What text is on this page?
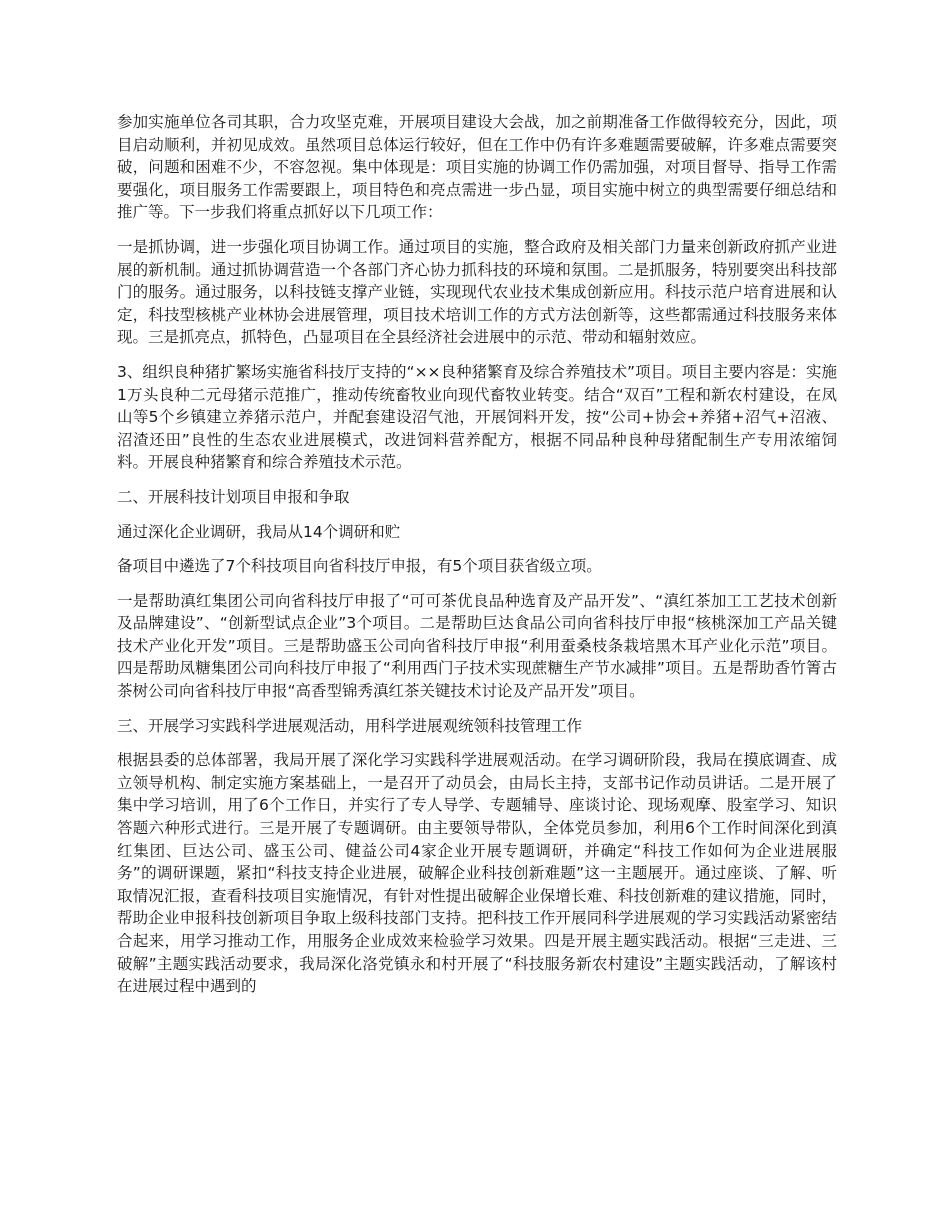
参加实施单位各司其职，合力攻坚克难，开展项目建设大会战，加之前期准备工作做得较充分，因此，项目启动顺利，并初见成效。虽然项目总体运行较好，但在工作中仍有许多难题需要破解，许多难点需要突破，问题和困难不少，不容忽视。集中体现是：项目实施的协调工作仍需加强，对项目督导、指导工作需要强化，项目服务工作需要跟上，项目特色和亮点需进一步凸显，项目实施中树立的典型需要仔细总结和推广等。下一步我们将重点抓好以下几项工作：

一是抓协调，进一步强化项目协调工作。通过项目的实施，整合政府及相关部门力量来创新政府抓产业进展的新机制。通过抓协调营造一个各部门齐心协力抓科技的环境和氛围。二是抓服务，特别要突出科技部门的服务。通过服务，以科技链支撑产业链，实现现代农业技术集成创新应用。科技示范户培育进展和认定，科技型核桃产业林协会进展管理，项目技术培训工作的方式方法创新等，这些都需通过科技服务来体现。三是抓亮点，抓特色，凸显项目在全县经济社会进展中的示范、带动和辐射效应。

3、组织良种猪扩繁场实施省科技厅支持的“××良种猪繁育及综合养殖技术”项目。项目主要内容是：实施1万头良种二元母猪示范推广，推动传统畜牧业向现代畜牧业转变。结合“双百”工程和新农村建设，在凤山等5个乡镇建立养猪示范户，并配套建设沼气池，开展饲料开发，按“公司+协会+养猪+沼气+沼液、沼渣还田”良性的生态农业进展模式，改进饲料营养配方，根据不同品种良种母猪配制生产专用浓缩饲料。开展良种猪繁育和综合养殖技术示范。

二、开展科技计划项目申报和争取

通过深化企业调研，我局从14个调研和贮

备项目中遴选了7个科技项目向省科技厅申报，有5个项目获省级立项。

一是帮助滇红集团公司向省科技厅申报了“可可茶优良品种选育及产品开发”、“滇红茶加工工艺技术创新及品牌建设”、“创新型试点企业”3个项目。二是帮助巨达食品公司向省科技厅申报“核桃深加工产品关键技术产业化开发”项目。三是帮助盛玉公司向省科技厅申报“利用蚕桑枝条栽培黑木耳产业化示范”项目。四是帮助凤糖集团公司向科技厅申报了“利用西门子技术实现蔗糖生产节水减排”项目。五是帮助香竹箐古茶树公司向省科技厅申报“高香型锦秀滇红茶关键技术讨论及产品开发”项目。

三、开展学习实践科学进展观活动，用科学进展观统领科技管理工作

根据县委的总体部署，我局开展了深化学习实践科学进展观活动。在学习调研阶段，我局在摸底调查、成立领导机构、制定实施方案基础上，一是召开了动员会，由局长主持，支部书记作动员讲话。二是开展了集中学习培训，用了6个工作日，并实行了专人导学、专题辅导、座谈讨论、现场观摩、股室学习、知识答题六种形式进行。三是开展了专题调研。由主要领导带队，全体党员参加，利用6个工作时间深化到滇红集团、巨达公司、盛玉公司、健益公司4家企业开展专题调研，并确定“科技工作如何为企业进展服务”的调研课题，紧扣“科技支持企业进展，破解企业科技创新难题”这一主题展开。通过座谈、了解、听取情况汇报，查看科技项目实施情况，有针对性提出破解企业保增长难、科技创新难的建议措施，同时，帮助企业申报科技创新项目争取上级科技部门支持。把科技工作开展同科学进展观的学习实践活动紧密结合起来，用学习推动工作，用服务企业成效来检验学习效果。四是开展主题实践活动。根据“三走进、三破解”主题实践活动要求，我局深化洛党镇永和村开展了“科技服务新农村建设”主题实践活动，了解该村在进展过程中遇到的
